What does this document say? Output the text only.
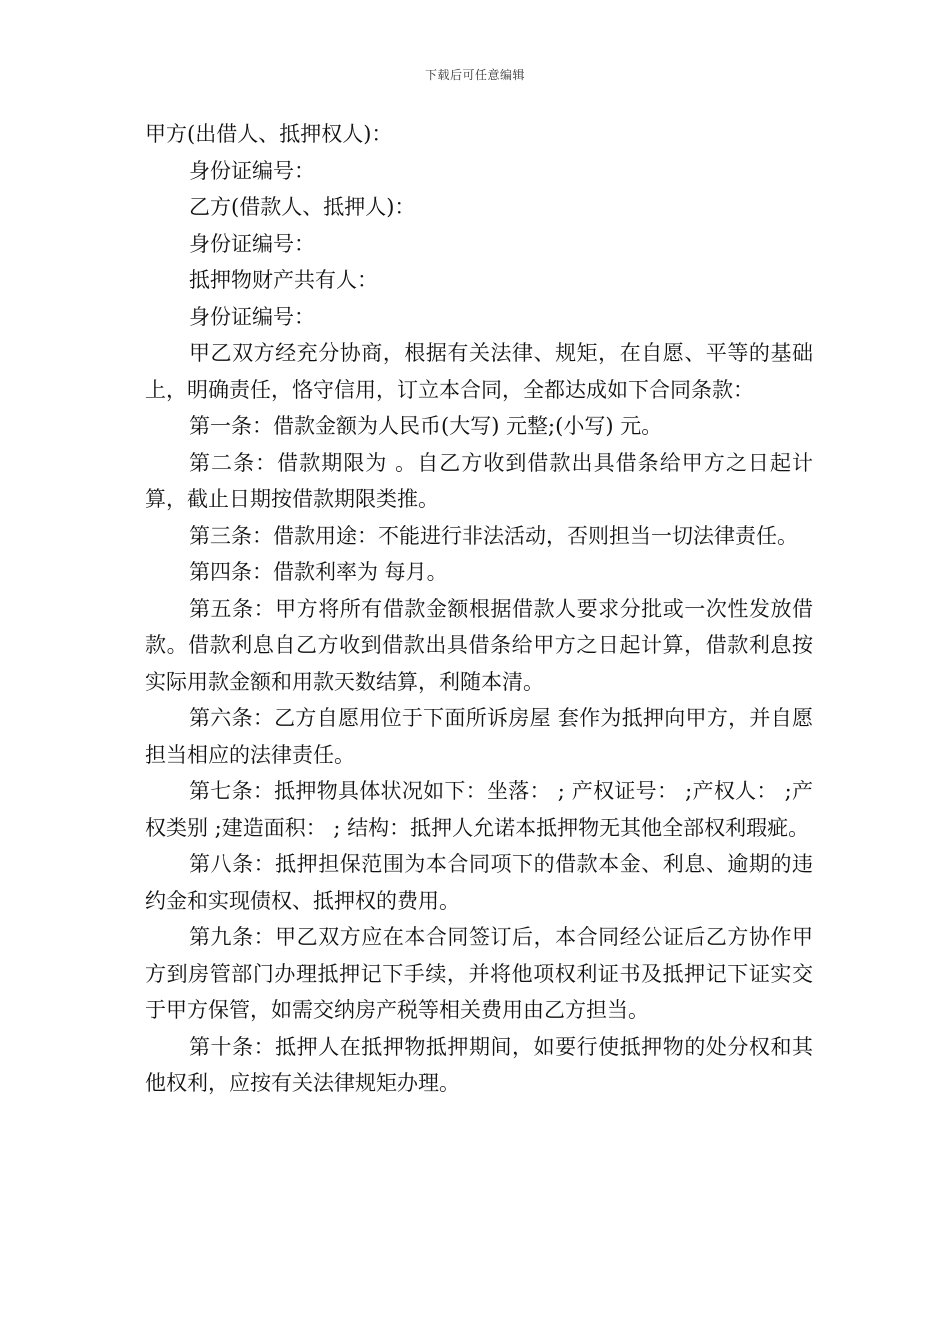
下载后可任意编辑

甲方(出借人、抵押权人)：

身份证编号：

乙方(借款人、抵押人)：

身份证编号：

抵押物财产共有人：

身份证编号：

甲乙双方经充分协商，根据有关法律、规矩，在自愿、平等的基础上，明确责任，恪守信用，订立本合同，全都达成如下合同条款：

第一条：借款金额为人民币(大写) 元整;(小写) 元。

第二条：借款期限为 。自乙方收到借款出具借条给甲方之日起计算，截止日期按借款期限类推。

第三条：借款用途：不能进行非法活动，否则担当一切法律责任。

第四条：借款利率为 每月。

第五条：甲方将所有借款金额根据借款人要求分批或一次性发放借款。借款利息自乙方收到借款出具借条给甲方之日起计算，借款利息按实际用款金额和用款天数结算，利随本清。

第六条：乙方自愿用位于下面所诉房屋 套作为抵押向甲方，并自愿担当相应的法律责任。

第七条：抵押物具体状况如下：坐落： ; 产权证号： ;产权人： ;产权类别 ;建造面积： ; 结构：抵押人允诺本抵押物无其他全部权利瑕疵。

第八条：抵押担保范围为本合同项下的借款本金、利息、逾期的违约金和实现债权、抵押权的费用。

第九条：甲乙双方应在本合同签订后，本合同经公证后乙方协作甲方到房管部门办理抵押记下手续，并将他项权利证书及抵押记下证实交于甲方保管，如需交纳房产税等相关费用由乙方担当。

第十条：抵押人在抵押物抵押期间，如要行使抵押物的处分权和其他权利，应按有关法律规矩办理。
